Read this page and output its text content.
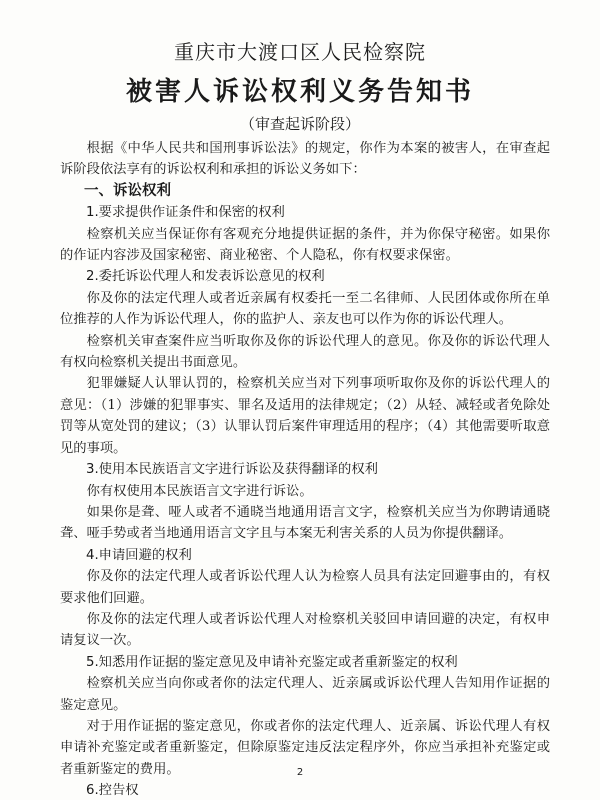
重庆市大渡口区人民检察院
被害人诉讼权利义务告知书
（审查起诉阶段）

根据《中华人民共和国刑事诉讼法》的规定，你作为本案的被害人，在审查起诉阶段依法享有的诉讼权利和承担的诉讼义务如下：

一、诉讼权利

1.要求提供作证条件和保密的权利

检察机关应当保证你有客观充分地提供证据的条件，并为你保守秘密。如果你的作证内容涉及国家秘密、商业秘密、个人隐私，你有权要求保密。

2.委托诉讼代理人和发表诉讼意见的权利

你及你的法定代理人或者近亲属有权委托一至二名律师、人民团体或你所在单位推荐的人作为诉讼代理人，你的监护人、亲友也可以作为你的诉讼代理人。

检察机关审查案件应当听取你及你的诉讼代理人的意见。你及你的诉讼代理人有权向检察机关提出书面意见。

犯罪嫌疑人认罪认罚的，检察机关应当对下列事项听取你及你的诉讼代理人的意见：（1）涉嫌的犯罪事实、罪名及适用的法律规定；（2）从轻、减轻或者免除处罚等从宽处罚的建议；（3）认罪认罚后案件审理适用的程序；（4）其他需要听取意见的事项。

3.使用本民族语言文字进行诉讼及获得翻译的权利

你有权使用本民族语言文字进行诉讼。

如果你是聋、哑人或者不通晓当地通用语言文字，检察机关应当为你聘请通晓聋、哑手势或者当地通用语言文字且与本案无利害关系的人员为你提供翻译。

4.申请回避的权利

你及你的法定代理人或者诉讼代理人认为检察人员具有法定回避事由的，有权要求他们回避。

你及你的法定代理人或者诉讼代理人对检察机关驳回申请回避的决定，有权申请复议一次。

5.知悉用作证据的鉴定意见及申请补充鉴定或者重新鉴定的权利

检察机关应当向你或者你的法定代理人、近亲属或诉讼代理人告知用作证据的鉴定意见。

对于用作证据的鉴定意见，你或者你的法定代理人、近亲属、诉讼代理人有权申请补充鉴定或者重新鉴定，但除原鉴定违反法定程序外，你应当承担补充鉴定或者重新鉴定的费用。

6.控告权

2
